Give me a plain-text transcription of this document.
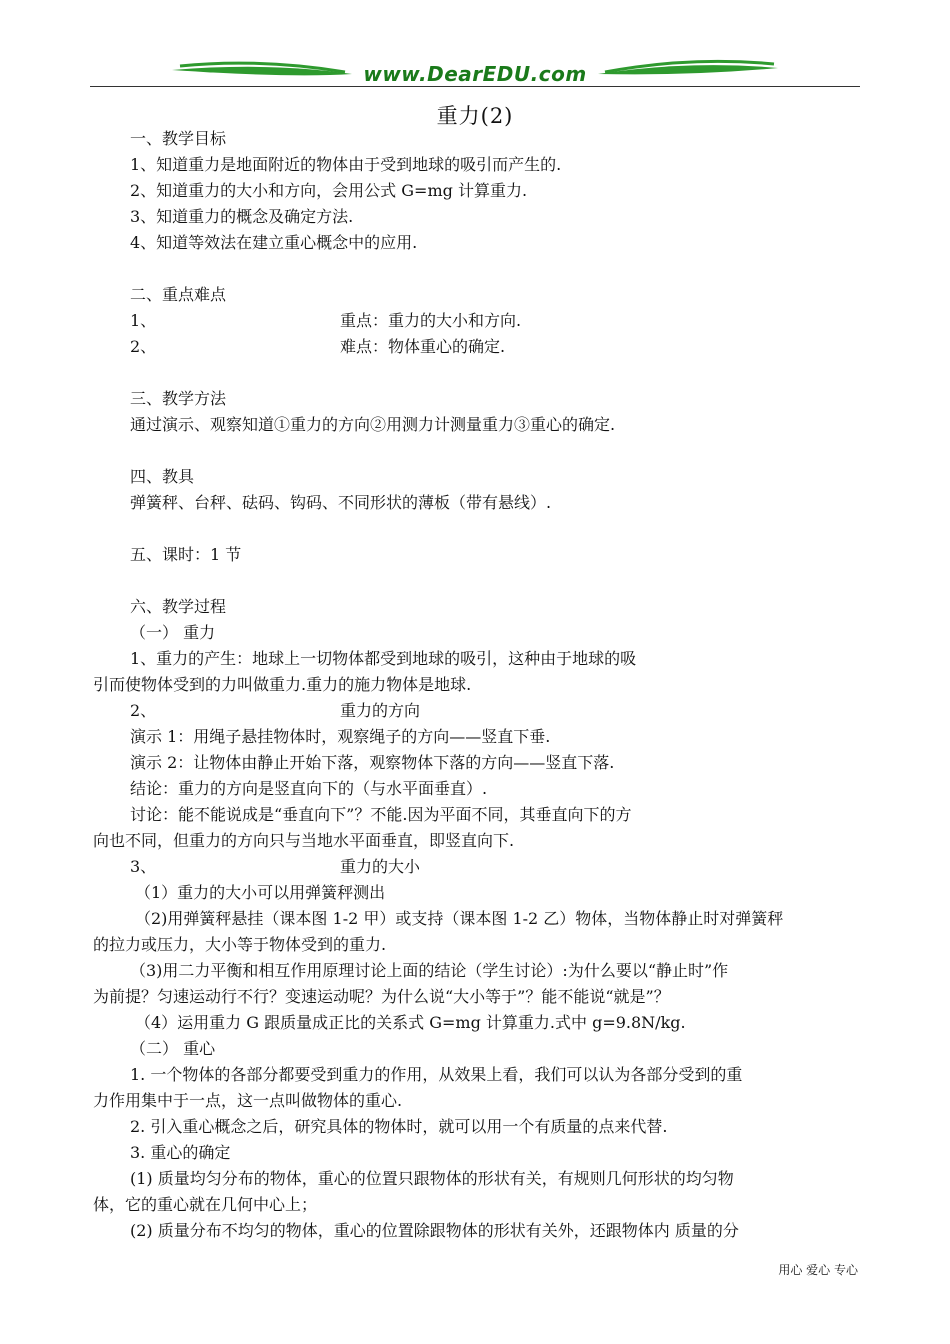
www.DearEDU.com
重力(2)
一、教学目标
1、知道重力是地面附近的物体由于受到地球的吸引而产生的.
2、知道重力的大小和方向，会用公式 G=mg 计算重力.
3、知道重力的概念及确定方法.
4、知道等效法在建立重心概念中的应用.
二、重点难点
1、	重点：重力的大小和方向.
2、	难点：物体重心的确定.
三、教学方法
通过演示、观察知道①重力的方向②用测力计测量重力③重心的确定.
四、教具
弹簧秤、台秤、砝码、钩码、不同形状的薄板（带有悬线）.
五、课时：1 节
六、教学过程
（一） 重力
1、重力的产生：地球上一切物体都受到地球的吸引，这种由于地球的吸
引而使物体受到的力叫做重力.重力的施力物体是地球.
2、	重力的方向
演示 1：用绳子悬挂物体时，观察绳子的方向——竖直下垂.
演示 2：让物体由静止开始下落，观察物体下落的方向——竖直下落.
结论：重力的方向是竖直向下的（与水平面垂直）.
讨论：能不能说成是“垂直向下”？不能.因为平面不同，其垂直向下的方
向也不同，但重力的方向只与当地水平面垂直，即竖直向下.
3、	重力的大小
（1）重力的大小可以用弹簧秤测出
（2)用弹簧秤悬挂（课本图 1-2 甲）或支持（课本图 1-2 乙）物体，当物体静止时对弹簧秤
的拉力或压力，大小等于物体受到的重力.
（3)用二力平衡和相互作用原理讨论上面的结论（学生讨论）:为什么要以“静止时”作
为前提？匀速运动行不行？变速运动呢？为什么说“大小等于”？能不能说“就是”？
（4）运用重力 G 跟质量成正比的关系式 G=mg 计算重力.式中 g=9.8N/kg.
（二） 重心
1. 一个物体的各部分都要受到重力的作用，从效果上看，我们可以认为各部分受到的重
力作用集中于一点，这一点叫做物体的重心.
2. 引入重心概念之后，研究具体的物体时，就可以用一个有质量的点来代替.
3. 重心的确定
(1) 质量均匀分布的物体，重心的位置只跟物体的形状有关，有规则几何形状的均匀物
体，它的重心就在几何中心上；
(2) 质量分布不均匀的物体，重心的位置除跟物体的形状有关外，还跟物体内 质量的分
用心 爱心 专心
